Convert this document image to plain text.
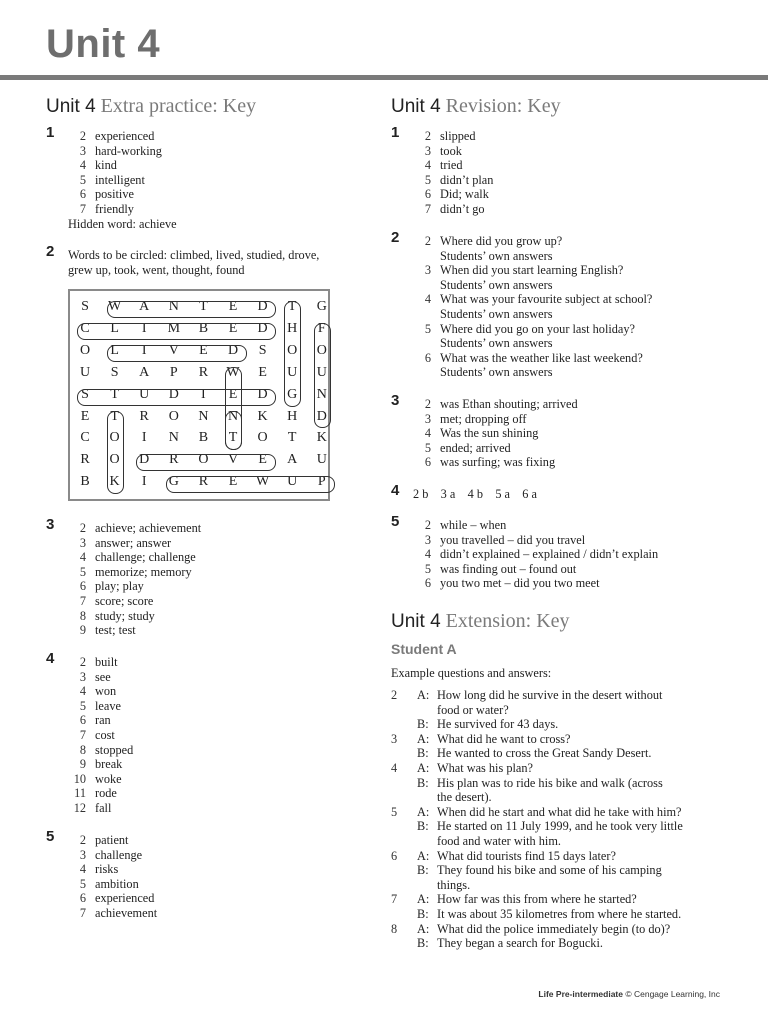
Unit 4
Unit 4 Extra practice: Key
1	2 experienced
3 hard-working
4 kind
5 intelligent
6 positive
7 friendly
Hidden word: achieve
2 Words to be circled: climbed, lived, studied, drove,
grew up, took, went, thought, found
S	W	A	N	T	E	D	T	G
C	L	I	M	B	E	D	H	F
O	L	I	V	E	D	S	O	O
U	S	A	P	R	W	E	U	U
S	T	U	D	I	E	D	G	N
E	T	R	O	N	N	K	H	D
C	O	I	N	B	T	O	T	K
R	O	D	R	O	V	E	A	U
B	K	I	G	R	E	W	U	P
3	2 achieve; achievement
3 answer; answer
4 challenge; challenge
5 memorize; memory
6 play; play
7 score; score
8 study; study
9 test; test
4	2 built
3 see
4 won
5 leave
6 ran
7 cost
8 stopped
9 break
10 woke
11 rode
12 fall
5	2 patient
3 challenge
4 risks
5 ambition
6 experienced
7 achievement
Unit 4 Revision: Key
1	2 slipped
3 took
4 tried
5 didn’t plan
6 Did; walk
7 didn’t go
2	2 Where did you grow up?
Students’ own answers
3 When did you start learning English?
Students’ own answers
4 What was your favourite subject at school?
Students’ own answers
5 Where did you go on your last holiday?
Students’ own answers
6 What was the weather like last weekend?
Students’ own answers
3	2 was Ethan shouting; arrived
3 met; dropping off
4 Was the sun shining
5 ended; arrived
6 was surfing; was fixing
4 2 b    3 a    4 b    5 a    6 a
5	2 while – when
3 you travelled – did you travel
4 didn’t explained – explained / didn’t explain
5 was finding out – found out
6 you two met – did you two meet
Unit 4 Extension: Key
Student A
Example questions and answers:
2	A: How long did he survive in the desert without
food or water?
B: He survived for 43 days.
3	A: What did he want to cross?
B: He wanted to cross the Great Sandy Desert.
4	A: What was his plan?
B: His plan was to ride his bike and walk (across
the desert).
5	A: When did he start and what did he take with him?
B: He started on 11 July 1999, and he took very little
food and water with him.
6	A: What did tourists find 15 days later?
B: They found his bike and some of his camping
things.
7	A: How far was this from where he started?
B: It was about 35 kilometres from where he started.
8	A: What did the police immediately begin (to do)?
B: They began a search for Bogucki.
Life Pre-intermediate © Cengage Learning, Inc
